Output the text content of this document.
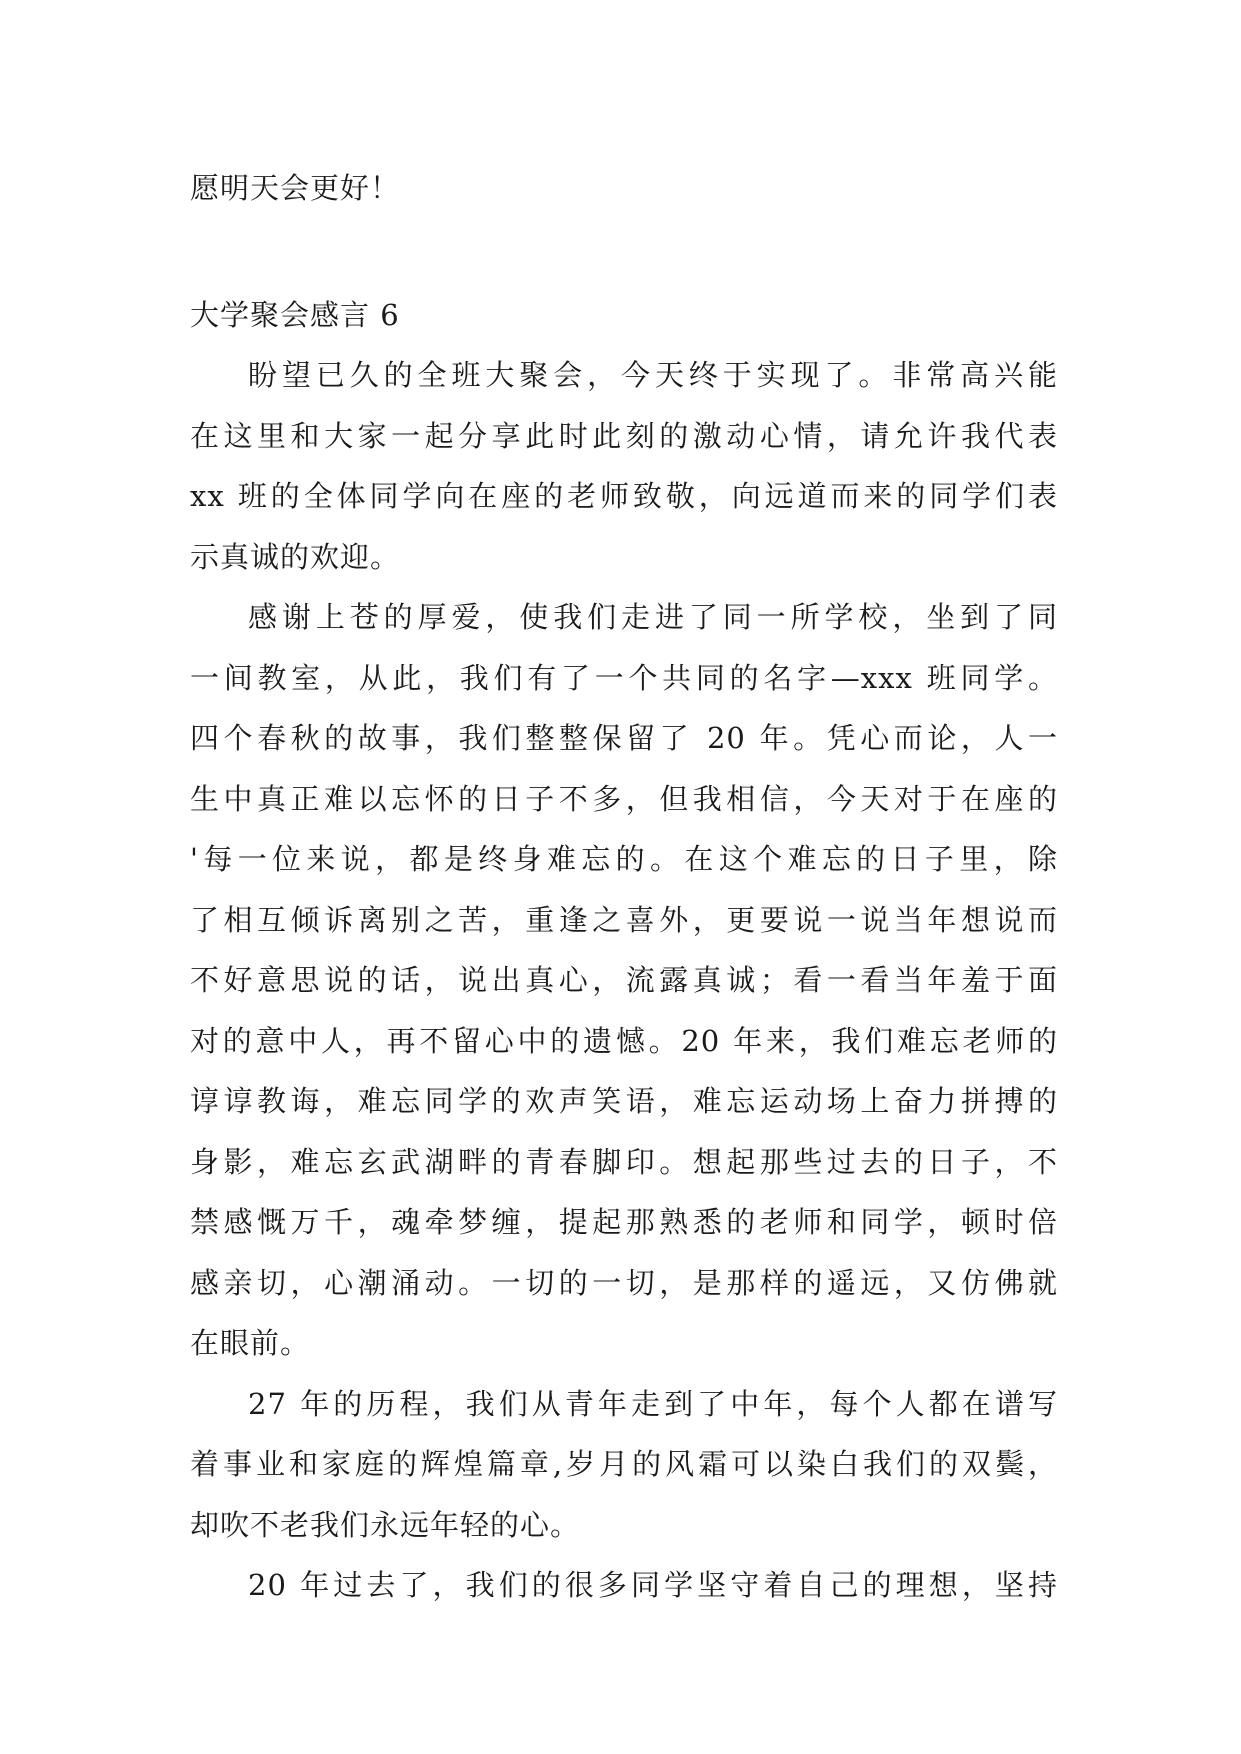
愿明天会更好！
大学聚会感言 6
盼望已久的全班大聚会，今天终于实现了。非常高兴能
在这里和大家一起分享此时此刻的激动心情，请允许我代表
xx 班的全体同学向在座的老师致敬，向远道而来的同学们表
示真诚的欢迎。
感谢上苍的厚爱，使我们走进了同一所学校，坐到了同
一间教室，从此，我们有了一个共同的名字—xxx 班同学。
四个春秋的故事，我们整整保留了 20 年。凭心而论，人一
生中真正难以忘怀的日子不多，但我相信，今天对于在座的
'每一位来说，都是终身难忘的。在这个难忘的日子里，除
了相互倾诉离别之苦，重逢之喜外，更要说一说当年想说而
不好意思说的话，说出真心，流露真诚；看一看当年羞于面
对的意中人，再不留心中的遗憾。20 年来，我们难忘老师的
谆谆教诲，难忘同学的欢声笑语，难忘运动场上奋力拼搏的
身影，难忘玄武湖畔的青春脚印。想起那些过去的日子，不
禁感慨万千，魂牵梦缠，提起那熟悉的老师和同学，顿时倍
感亲切，心潮涌动。一切的一切，是那样的遥远，又仿佛就
在眼前。
27 年的历程，我们从青年走到了中年，每个人都在谱写
着事业和家庭的辉煌篇章,岁月的风霜可以染白我们的双鬓，
却吹不老我们永远年轻的心。
20 年过去了，我们的很多同学坚守着自己的理想，坚持
